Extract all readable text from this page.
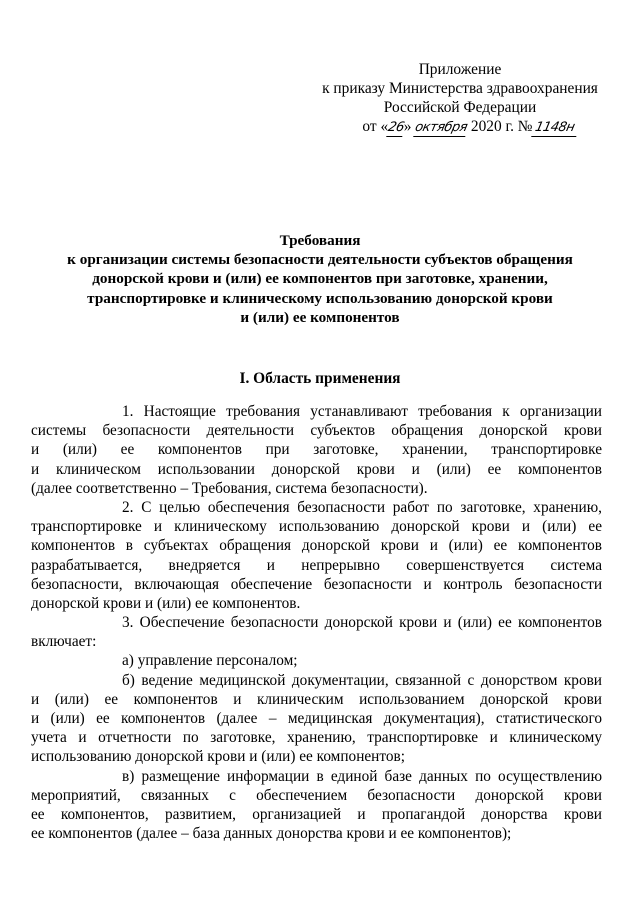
Приложение
к приказу Министерства здравоохранения
Российской Федерации
от «26» октября 2020 г. №1148н
Требования
к организации системы безопасности деятельности субъектов обращения
донорской крови и (или) ее компонентов при заготовке, хранении,
транспортировке и клиническому использованию донорской крови
и (или) ее компонентов
I. Область применения
1. Настоящие требования устанавливают требования к организации
системы безопасности деятельности субъектов обращения донорской крови
и (или) ее компонентов при заготовке, хранении, транспортировке
и клиническом использовании донорской крови и (или) ее компонентов
(далее соответственно – Требования, система безопасности).
2. С целью обеспечения безопасности работ по заготовке, хранению,
транспортировке и клиническому использованию донорской крови и (или) ее
компонентов в субъектах обращения донорской крови и (или) ее компонентов
разрабатывается, внедряется и непрерывно совершенствуется система
безопасности, включающая обеспечение безопасности и контроль безопасности
донорской крови и (или) ее компонентов.
3. Обеспечение безопасности донорской крови и (или) ее компонентов
включает:
а) управление персоналом;
б) ведение медицинской документации, связанной с донорством крови
и (или) ее компонентов и клиническим использованием донорской крови
и (или) ее компонентов (далее – медицинская документация), статистического
учета и отчетности по заготовке, хранению, транспортировке и клиническому
использованию донорской крови и (или) ее компонентов;
в) размещение информации в единой базе данных по осуществлению
мероприятий, связанных с обеспечением безопасности донорской крови
ее компонентов, развитием, организацией и пропагандой донорства крови
ее компонентов (далее – база данных донорства крови и ее компонентов);
